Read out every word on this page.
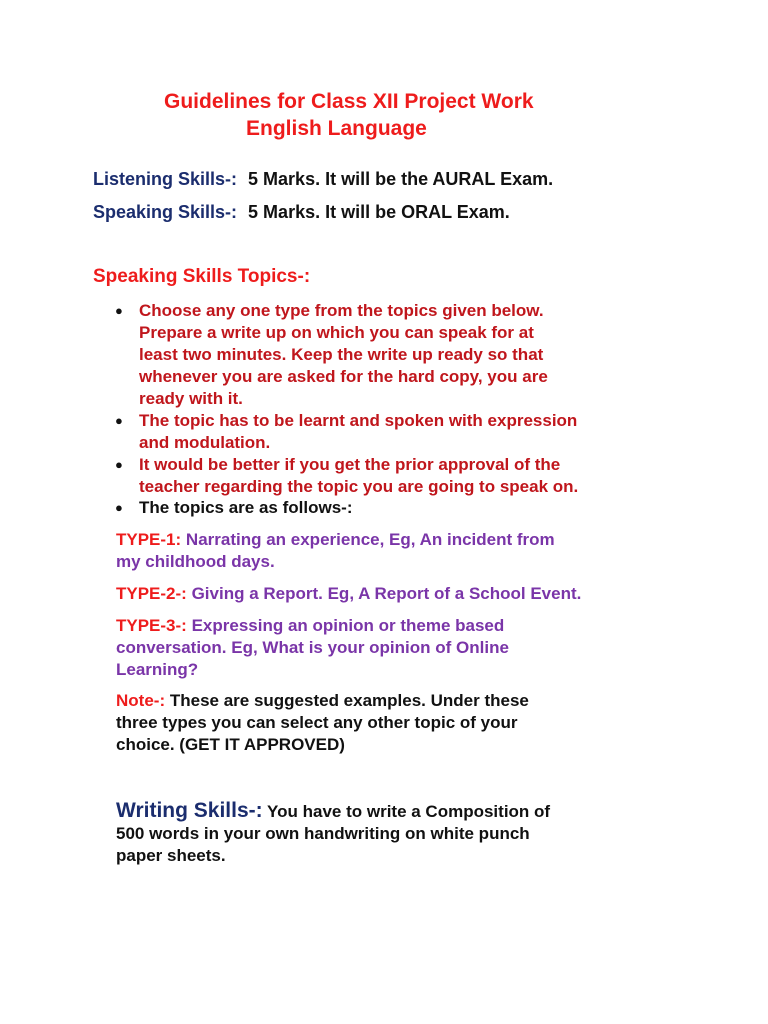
Guidelines for Class XII Project Work
English Language
Listening Skills-: 5 Marks. It will be the AURAL Exam.
Speaking Skills-: 5 Marks. It will be ORAL Exam.
Speaking Skills Topics-:
● Choose any one type from the topics given below.
Prepare a write up on which you can speak for at
least two minutes. Keep the write up ready so that
whenever you are asked for the hard copy, you are
ready with it.
● The topic has to be learnt and spoken with expression
and modulation.
● It would be better if you get the prior approval of the
teacher regarding the topic you are going to speak on.
● The topics are as follows-:
TYPE-1: Narrating an experience, Eg, An incident from
my childhood days.
TYPE-2-: Giving a Report. Eg, A Report of a School Event.
TYPE-3-: Expressing an opinion or theme based
conversation. Eg, What is your opinion of Online
Learning?
Note-: These are suggested examples. Under these
three types you can select any other topic of your
choice. (GET IT APPROVED)
Writing Skills-: You have to write a Composition of
500 words in your own handwriting on white punch
paper sheets.
